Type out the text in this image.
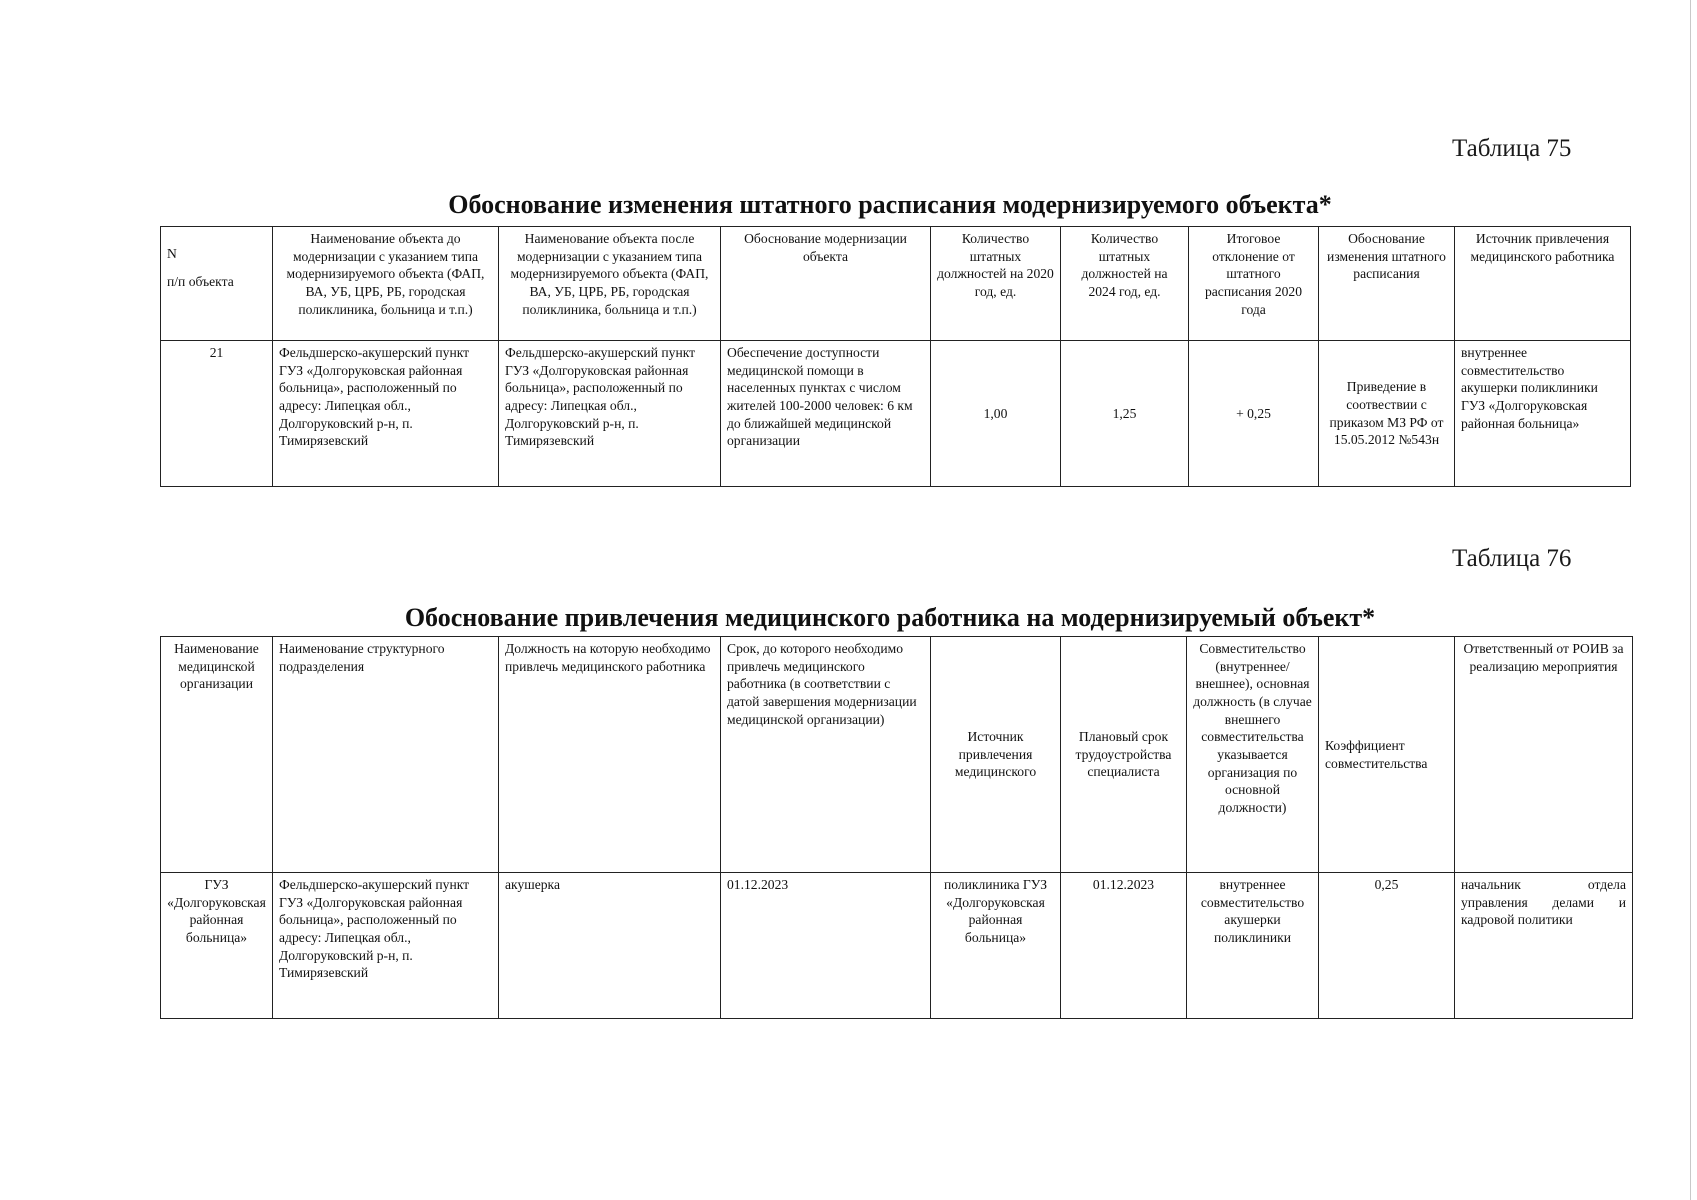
Таблица 75
Обоснование изменения штатного расписания модернизируемого объекта*
N
п/п объекта	Наименование объекта до модернизации с указанием типа модернизируемого объекта (ФАП, ВА, УБ, ЦРБ, РБ, городская поликлиника, больница и т.п.)	Наименование объекта после модернизации с указанием типа модернизируемого объекта (ФАП, ВА, УБ, ЦРБ, РБ, городская поликлиника, больница и т.п.)	Обоснование модернизации объекта	Количество штатных должностей на 2020 год, ед.	Количество штатных должностей на 2024 год, ед.	Итоговое отклонение от штатного расписания 2020 года	Обоснование изменения штатного расписания	Источник привлечения медицинского работника
21	Фельдшерско-акушерский пункт ГУЗ «Долгоруковская районная больница», расположенный по адресу: Липецкая обл., Долгоруковский р-н, п. Тимирязевский	Фельдшерско-акушерский пункт ГУЗ «Долгоруковская районная больница», расположенный по адресу: Липецкая обл., Долгоруковский р-н, п. Тимирязевский	Обеспечение доступности медицинской помощи в населенных пунктах с числом жителей 100-2000 человек: 6 км до ближайшей медицинской организации	1,00	1,25	+ 0,25	Приведение в соотвествии с приказом МЗ РФ от 15.05.2012 №543н	внутреннее совместительство акушерки поликлиники ГУЗ «Долгоруковская районная больница»
Таблица 76
Обоснование привлечения медицинского работника на модернизируемый объект*
Наименование медицинской организации	Наименование структурного подразделения	Должность на которую необходимо привлечь медицинского работника	Срок, до которого необходимо привлечь медицинского работника (в соответствии с датой завершения модернизации медицинской организации)	Источник привлечения медицинского	Плановый срок трудоустройства специалиста	Совместительство (внутреннее/внешнее), основная должность (в случае внешнего совместительства указывается организация по основной должности)	Коэффициент совместительства	Ответственный от РОИВ за реализацию мероприятия
ГУЗ «Долгоруковская районная больница»	Фельдшерско-акушерский пункт ГУЗ «Долгоруковская районная больница», расположенный по адресу: Липецкая обл., Долгоруковский р-н, п. Тимирязевский	акушерка	01.12.2023	поликлиника ГУЗ «Долгоруковская районная больница»	01.12.2023	внутреннее совместительство акушерки поликлиники	0,25	начальник отдела управления делами и кадровой политики
